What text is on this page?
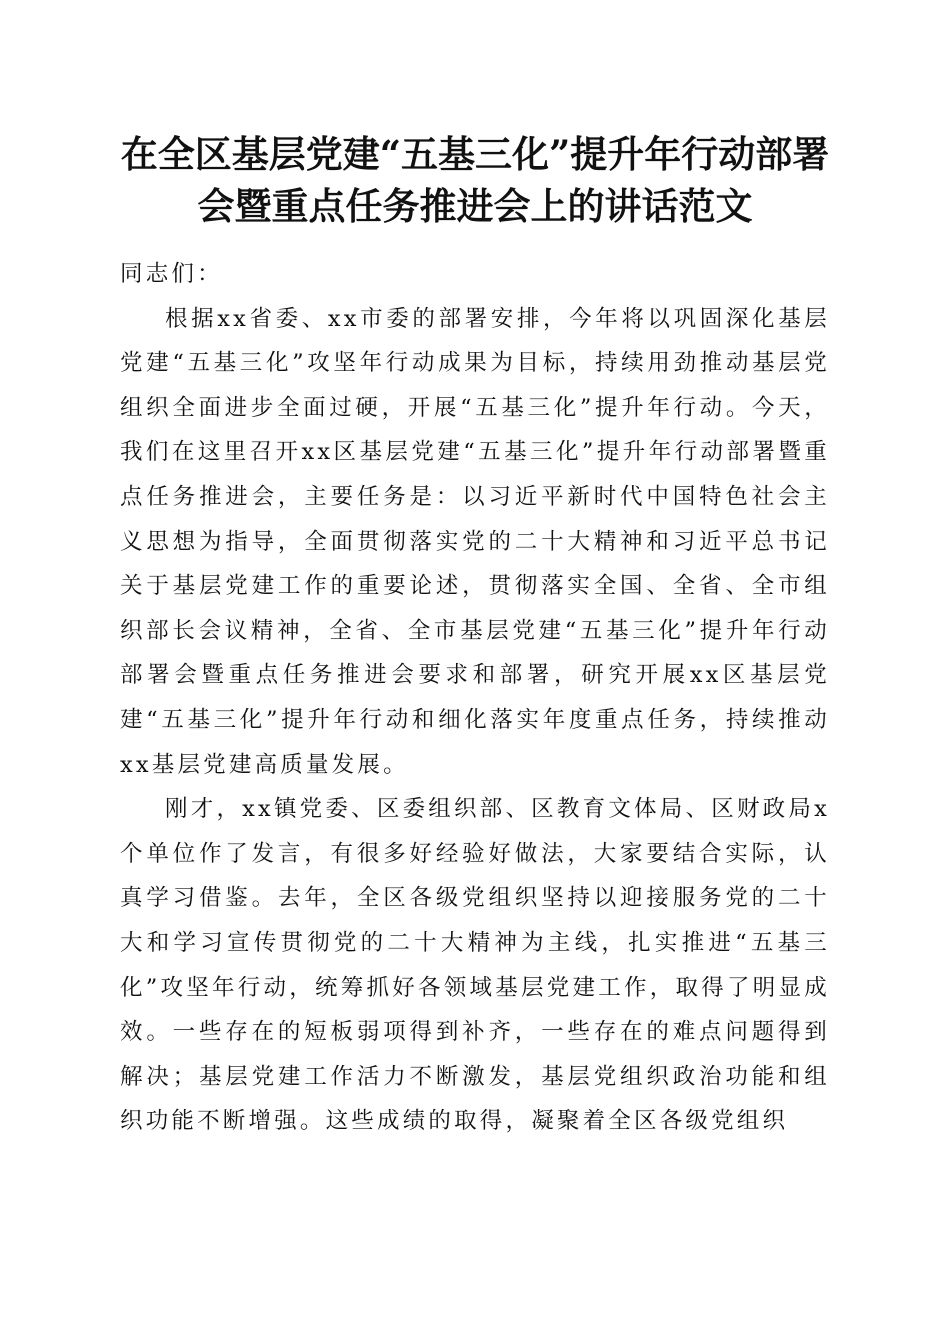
在全区基层党建“五基三化”提升年行动部署
会暨重点任务推进会上的讲话范文

同志们：

根据xx省委、xx市委的部署安排，今年将以巩固深化基层党建“五基三化”攻坚年行动成果为目标，持续用劲推动基层党组织全面进步全面过硬，开展“五基三化”提升年行动。今天，我们在这里召开xx区基层党建“五基三化”提升年行动部署暨重点任务推进会，主要任务是：以习近平新时代中国特色社会主义思想为指导，全面贯彻落实党的二十大精神和习近平总书记关于基层党建工作的重要论述，贯彻落实全国、全省、全市组织部长会议精神，全省、全市基层党建“五基三化”提升年行动部署会暨重点任务推进会要求和部署，研究开展xx区基层党建“五基三化”提升年行动和细化落实年度重点任务，持续推动xx基层党建高质量发展。

刚才，xx镇党委、区委组织部、区教育文体局、区财政局x个单位作了发言，有很多好经验好做法，大家要结合实际，认真学习借鉴。去年，全区各级党组织坚持以迎接服务党的二十大和学习宣传贯彻党的二十大精神为主线，扎实推进“五基三化”攻坚年行动，统筹抓好各领域基层党建工作，取得了明显成效。一些存在的短板弱项得到补齐，一些存在的难点问题得到解决；基层党建工作活力不断激发，基层党组织政治功能和组织功能不断增强。这些成绩的取得，凝聚着全区各级党组织
